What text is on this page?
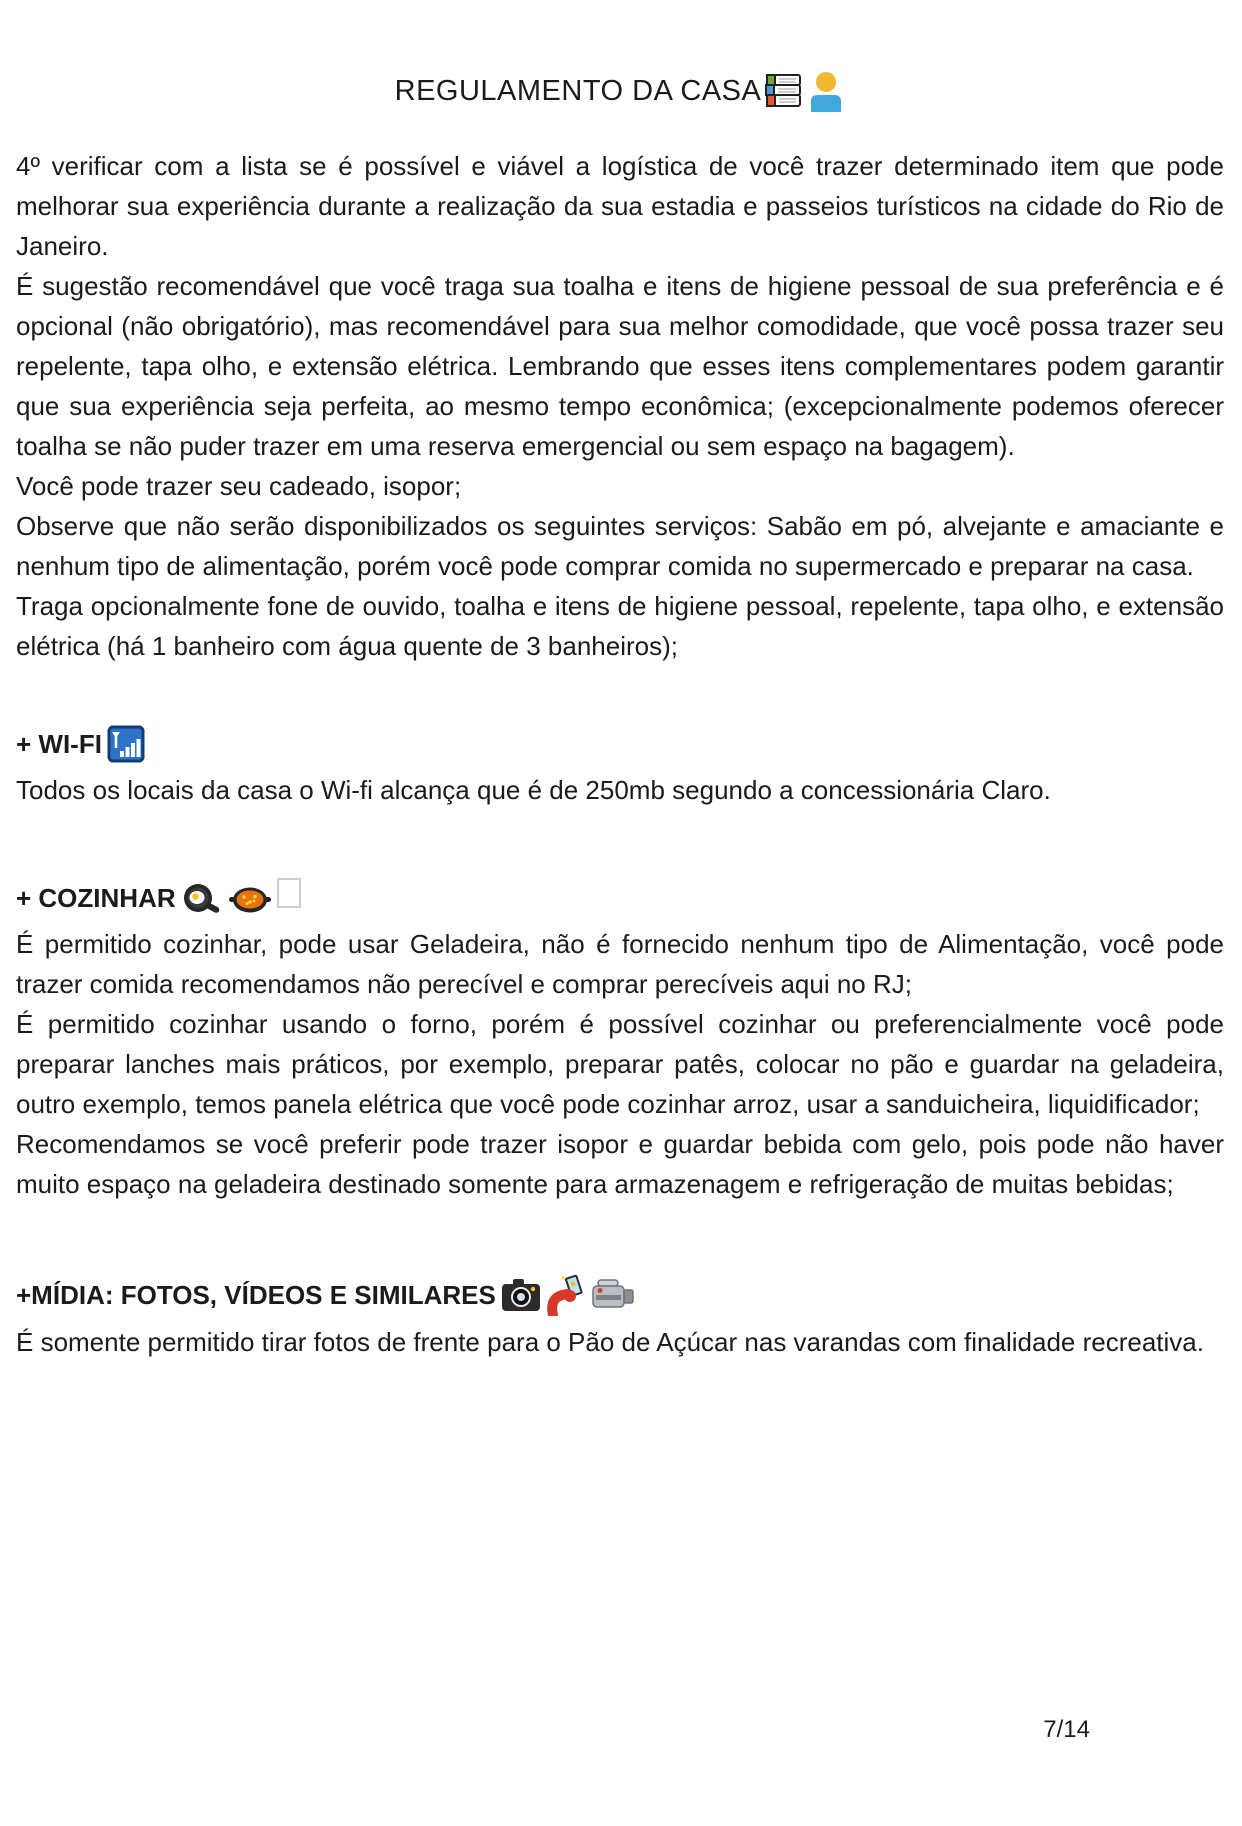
REGULAMENTO DA CASA

4º verificar com a lista se é possível e viável a logística de você trazer determinado item que pode melhorar sua experiência durante a realização da sua estadia e passeios turísticos na cidade do Rio de Janeiro.

É sugestão recomendável que você traga sua toalha e itens de higiene pessoal de sua preferência e é opcional (não obrigatório), mas recomendável para sua melhor comodidade, que você possa trazer seu repelente, tapa olho, e extensão elétrica. Lembrando que esses itens complementares podem garantir que sua experiência seja perfeita, ao mesmo tempo econômica; (excepcionalmente podemos oferecer toalha se não puder trazer em uma reserva emergencial ou sem espaço na bagagem).

Você pode trazer seu cadeado, isopor;

Observe que não serão disponibilizados os seguintes serviços: Sabão em pó, alvejante e amaciante e nenhum tipo de alimentação, porém você pode comprar comida no supermercado e preparar na casa.

Traga opcionalmente fone de ouvido, toalha e itens de higiene pessoal, repelente, tapa olho, e extensão elétrica (há 1 banheiro com água quente de 3 banheiros);

+ WI-FI

Todos os locais da casa o Wi-fi alcança que é de 250mb segundo a concessionária Claro.

+ COZINHAR

É permitido cozinhar, pode usar Geladeira, não é fornecido nenhum tipo de Alimentação, você pode trazer comida recomendamos não perecível e comprar perecíveis aqui no RJ;

É permitido cozinhar usando o forno, porém é possível cozinhar ou preferencialmente você pode preparar lanches mais práticos, por exemplo, preparar patês, colocar no pão e guardar na geladeira, outro exemplo, temos panela elétrica que você pode cozinhar arroz, usar a sanduicheira, liquidificador;

Recomendamos se você preferir pode trazer isopor e guardar bebida com gelo, pois pode não haver muito espaço na geladeira destinado somente para armazenagem e refrigeração de muitas bebidas;

+MÍDIA: FOTOS, VÍDEOS E SIMILARES

É somente permitido tirar fotos de frente para o Pão de Açúcar nas varandas com finalidade recreativa.

7/14
